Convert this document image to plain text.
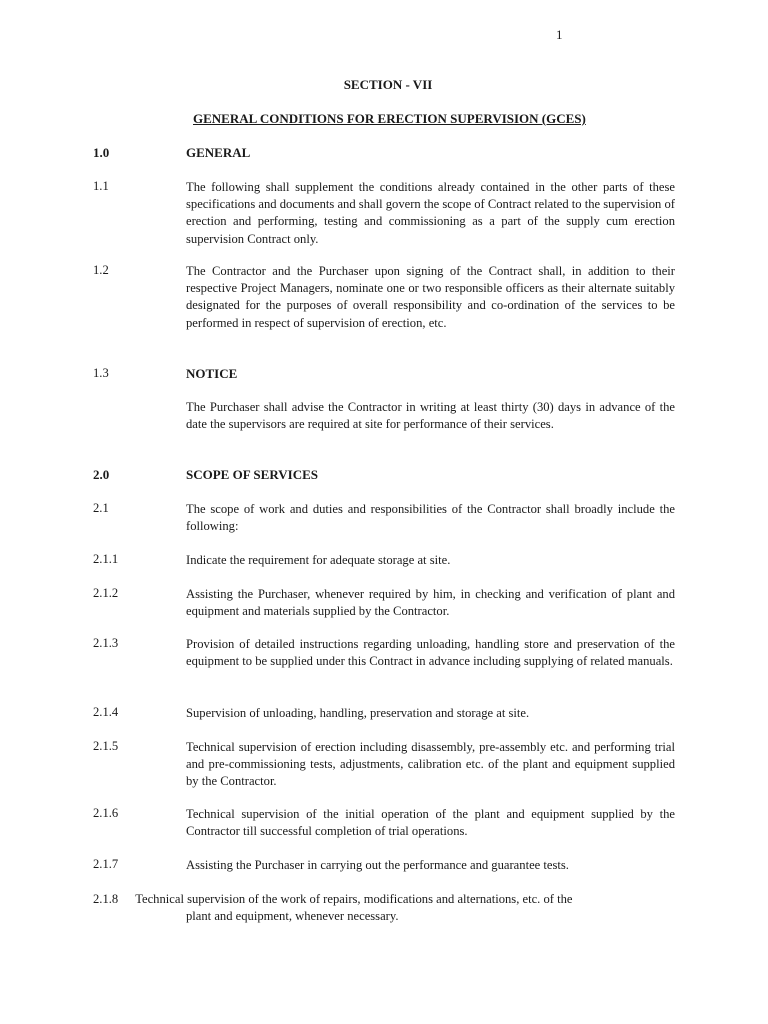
1
SECTION - VII
GENERAL CONDITIONS FOR ERECTION SUPERVISION (GCES)
1.0	GENERAL
1.1	The following shall supplement the conditions already contained in the other parts of these specifications and documents and shall govern the scope of Contract related to the supervision of erection and performing, testing and commissioning as a part of the supply cum erection supervision Contract only.
1.2	The Contractor and the Purchaser upon signing of the Contract shall, in addition to their respective Project Managers, nominate one or two responsible officers as their alternate suitably designated for the purposes of overall responsibility and co-ordination of the services to be performed in respect of supervision of erection, etc.
1.3	NOTICE
The Purchaser shall advise the Contractor in writing at least thirty (30) days in advance of the date the supervisors are required at site for performance of their services.
2.0	SCOPE OF SERVICES
2.1	The scope of work and duties and responsibilities of the Contractor shall broadly include the following:
2.1.1	Indicate the requirement for adequate storage at site.
2.1.2	Assisting the Purchaser, whenever required by him, in checking and verification of plant and equipment and materials supplied by the Contractor.
2.1.3	Provision of detailed instructions regarding unloading, handling store and preservation of the equipment to be supplied under this Contract in advance including supplying of related manuals.
2.1.4	Supervision of unloading, handling, preservation and storage at site.
2.1.5	Technical supervision of erection including disassembly, pre-assembly etc. and performing trial and pre-commissioning tests, adjustments, calibration etc. of the plant and equipment supplied by the Contractor.
2.1.6	Technical supervision of the initial operation of the plant and equipment supplied by the Contractor till successful completion of trial operations.
2.1.7	Assisting the Purchaser in carrying out the performance and guarantee tests.
2.1.8 Technical supervision of the work of repairs, modifications and alternations, etc. of the
plant and equipment, whenever necessary.
